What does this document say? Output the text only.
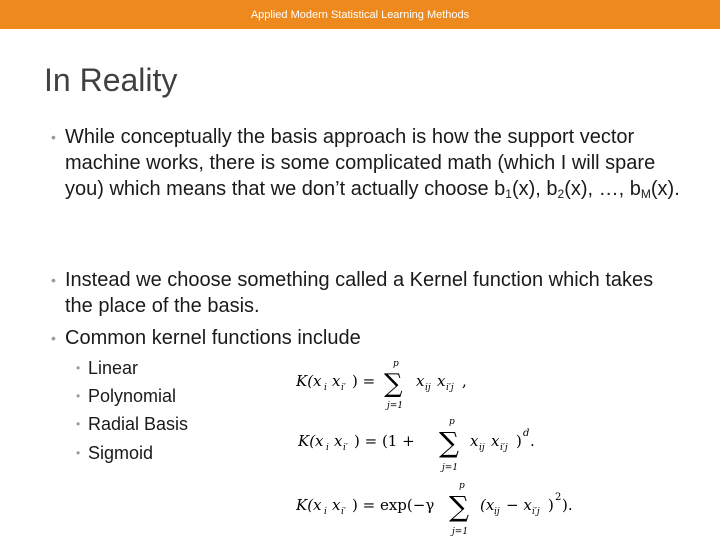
Applied Modern Statistical Learning Methods
In Reality
• While conceptually the basis approach is how the support vector machine works, there is some complicated math (which I will spare you) which means that we don’t actually choose $b_1(x)$, $b_2(x)$, …, $b_M(x)$.
• Instead we choose something called a Kernel function which takes the place of the basis.
• Common kernel functions include
• Linear
• Polynomial
• Radial Basis
• Sigmoid
K(x i x i′ ) =
p
∑
j=1
x ij x i′j ,
K(x i x i′ ) = (1 +
p
∑
j=1
x ij x i′j ) d .
K(x i x i′ ) = exp(−γ
p
∑
j=1
(x ij − x i′j ) 2 ).
